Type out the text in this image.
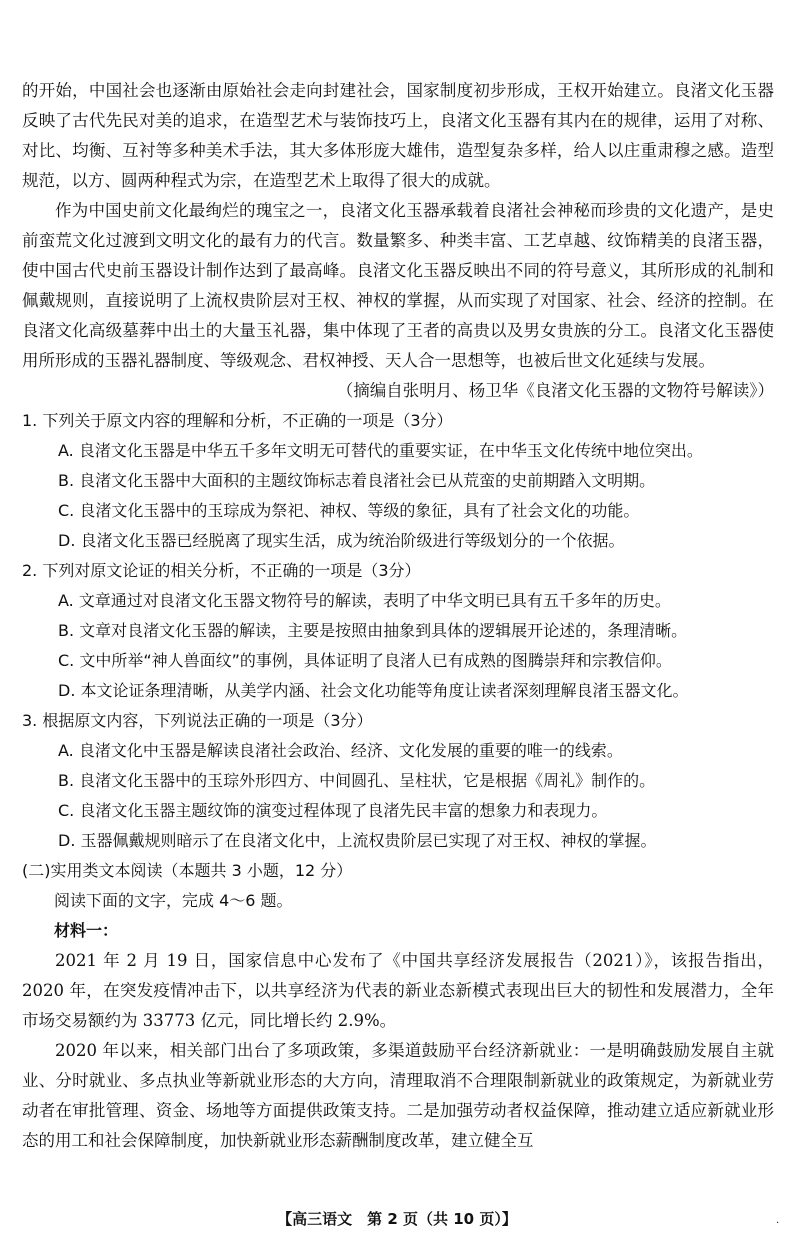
的开始，中国社会也逐渐由原始社会走向封建社会，国家制度初步形成，王权开始建立。良渚文化玉器反映了古代先民对美的追求，在造型艺术与装饰技巧上，良渚文化玉器有其内在的规律，运用了对称、对比、均衡、互衬等多种美术手法，其大多体形庞大雄伟，造型复杂多样，给人以庄重肃穆之感。造型规范，以方、圆两种程式为宗，在造型艺术上取得了很大的成就。
作为中国史前文化最绚烂的瑰宝之一，良渚文化玉器承载着良渚社会神秘而珍贵的文化遗产，是史前蛮荒文化过渡到文明文化的最有力的代言。数量繁多、种类丰富、工艺卓越、纹饰精美的良渚玉器，使中国古代史前玉器设计制作达到了最高峰。良渚文化玉器反映出不同的符号意义，其所形成的礼制和佩戴规则，直接说明了上流权贵阶层对王权、神权的掌握，从而实现了对国家、社会、经济的控制。在良渚文化高级墓葬中出土的大量玉礼器，集中体现了王者的高贵以及男女贵族的分工。良渚文化玉器使用所形成的玉器礼器制度、等级观念、君权神授、天人合一思想等，也被后世文化延续与发展。
（摘编自张明月、杨卫华《良渚文化玉器的文物符号解读》）
1. 下列关于原文内容的理解和分析，不正确的一项是（3分）
A. 良渚文化玉器是中华五千多年文明无可替代的重要实证，在中华玉文化传统中地位突出。
B. 良渚文化玉器中大面积的主题纹饰标志着良渚社会已从荒蛮的史前期踏入文明期。
C. 良渚文化玉器中的玉琮成为祭祀、神权、等级的象征，具有了社会文化的功能。
D. 良渚文化玉器已经脱离了现实生活，成为统治阶级进行等级划分的一个依据。
2. 下列对原文论证的相关分析，不正确的一项是（3分）
A. 文章通过对良渚文化玉器文物符号的解读，表明了中华文明已具有五千多年的历史。
B. 文章对良渚文化玉器的解读，主要是按照由抽象到具体的逻辑展开论述的，条理清晰。
C. 文中所举“神人兽面纹”的事例，具体证明了良渚人已有成熟的图腾崇拜和宗教信仰。
D. 本文论证条理清晰，从美学内涵、社会文化功能等角度让读者深刻理解良渚玉器文化。
3. 根据原文内容，下列说法正确的一项是（3分）
A. 良渚文化中玉器是解读良渚社会政治、经济、文化发展的重要的唯一的线索。
B. 良渚文化玉器中的玉琮外形四方、中间圆孔、呈柱状，它是根据《周礼》制作的。
C. 良渚文化玉器主题纹饰的演变过程体现了良渚先民丰富的想象力和表现力。
D. 玉器佩戴规则暗示了在良渚文化中，上流权贵阶层已实现了对王权、神权的掌握。
(二)实用类文本阅读（本题共 3 小题，12 分）
阅读下面的文字，完成 4～6 题。
材料一：
2021 年 2 月 19 日，国家信息中心发布了《中国共享经济发展报告（2021）》，该报告指出，2020 年，在突发疫情冲击下，以共享经济为代表的新业态新模式表现出巨大的韧性和发展潜力，全年市场交易额约为 33773 亿元，同比增长约 2.9%。
2020 年以来，相关部门出台了多项政策，多渠道鼓励平台经济新就业：一是明确鼓励发展自主就业、分时就业、多点执业等新就业形态的大方向，清理取消不合理限制新就业的政策规定，为新就业劳动者在审批管理、资金、场地等方面提供政策支持。二是加强劳动者权益保障，推动建立适应新就业形态的用工和社会保障制度，加快新就业形态薪酬制度改革，建立健全互
【高三语文　第 2 页（共 10 页）】	.
